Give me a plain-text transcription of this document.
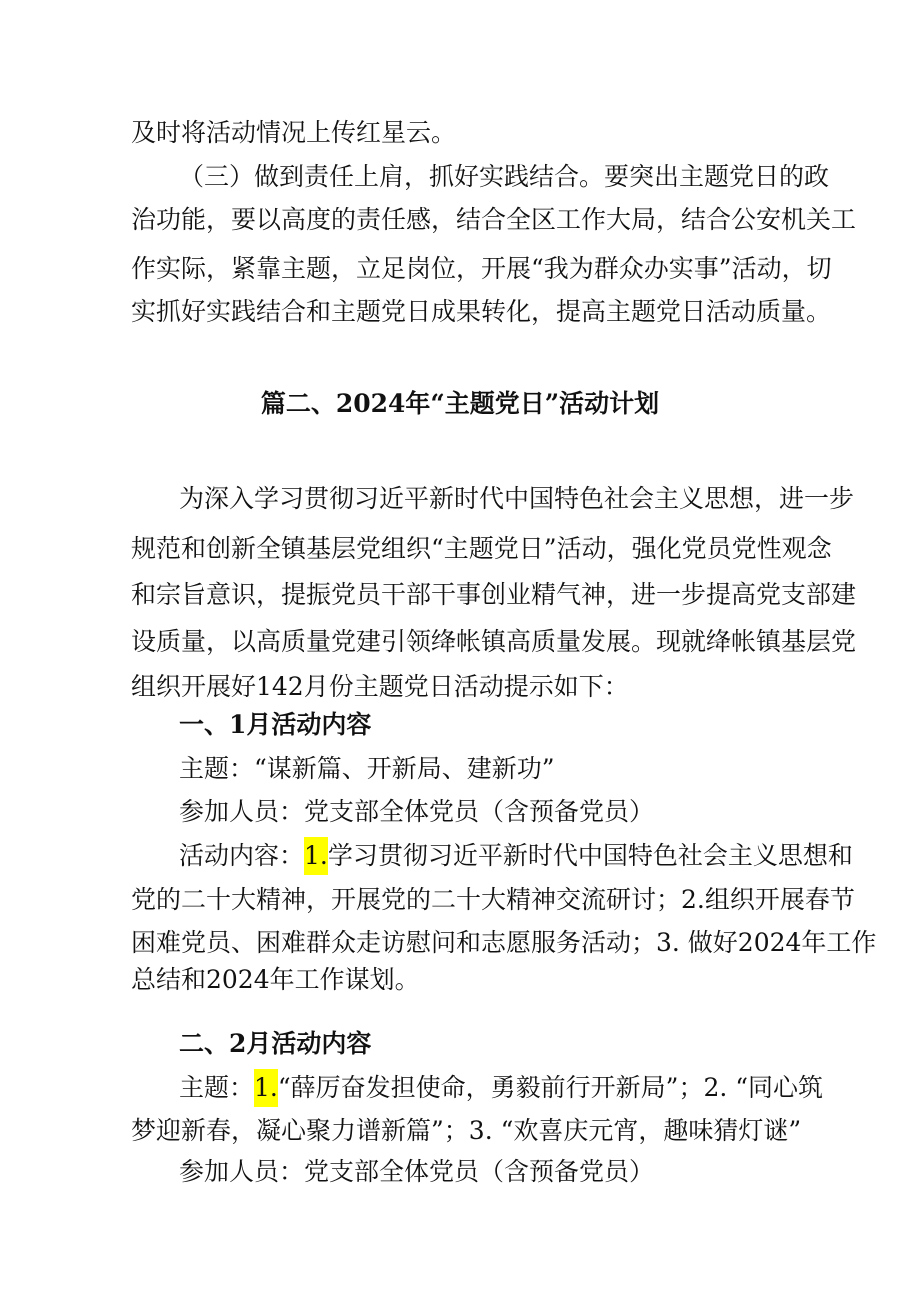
及时将活动情况上传红星云。
（三）做到责任上肩，抓好实践结合。要突出主题党日的政
治功能，要以高度的责任感，结合全区工作大局，结合公安机关工
作实际，紧靠主题，立足岗位，开展“我为群众办实事”活动，切
实抓好实践结合和主题党日成果转化，提高主题党日活动质量。
篇二、2024年“主题党日”活动计划
为深入学习贯彻习近平新时代中国特色社会主义思想，进一步
规范和创新全镇基层党组织“主题党日”活动，强化党员党性观念
和宗旨意识，提振党员干部干事创业精气神，进一步提高党支部建
设质量，以高质量党建引领绛帐镇高质量发展。现就绛帐镇基层党
组织开展好142月份主题党日活动提示如下：
一、1月活动内容
主题：“谋新篇、开新局、建新功”
参加人员：党支部全体党员（含预备党员）
活动内容：1.学习贯彻习近平新时代中国特色社会主义思想和
党的二十大精神，开展党的二十大精神交流研讨；2.组织开展春节
困难党员、困难群众走访慰问和志愿服务活动；3. 做好2024年工作
总结和2024年工作谋划。
二、2月活动内容
主题：1.“薛厉奋发担使命，勇毅前行开新局”；2. “同心筑
梦迎新春，凝心聚力谱新篇”；3. “欢喜庆元宵，趣味猜灯谜”
参加人员：党支部全体党员（含预备党员）
